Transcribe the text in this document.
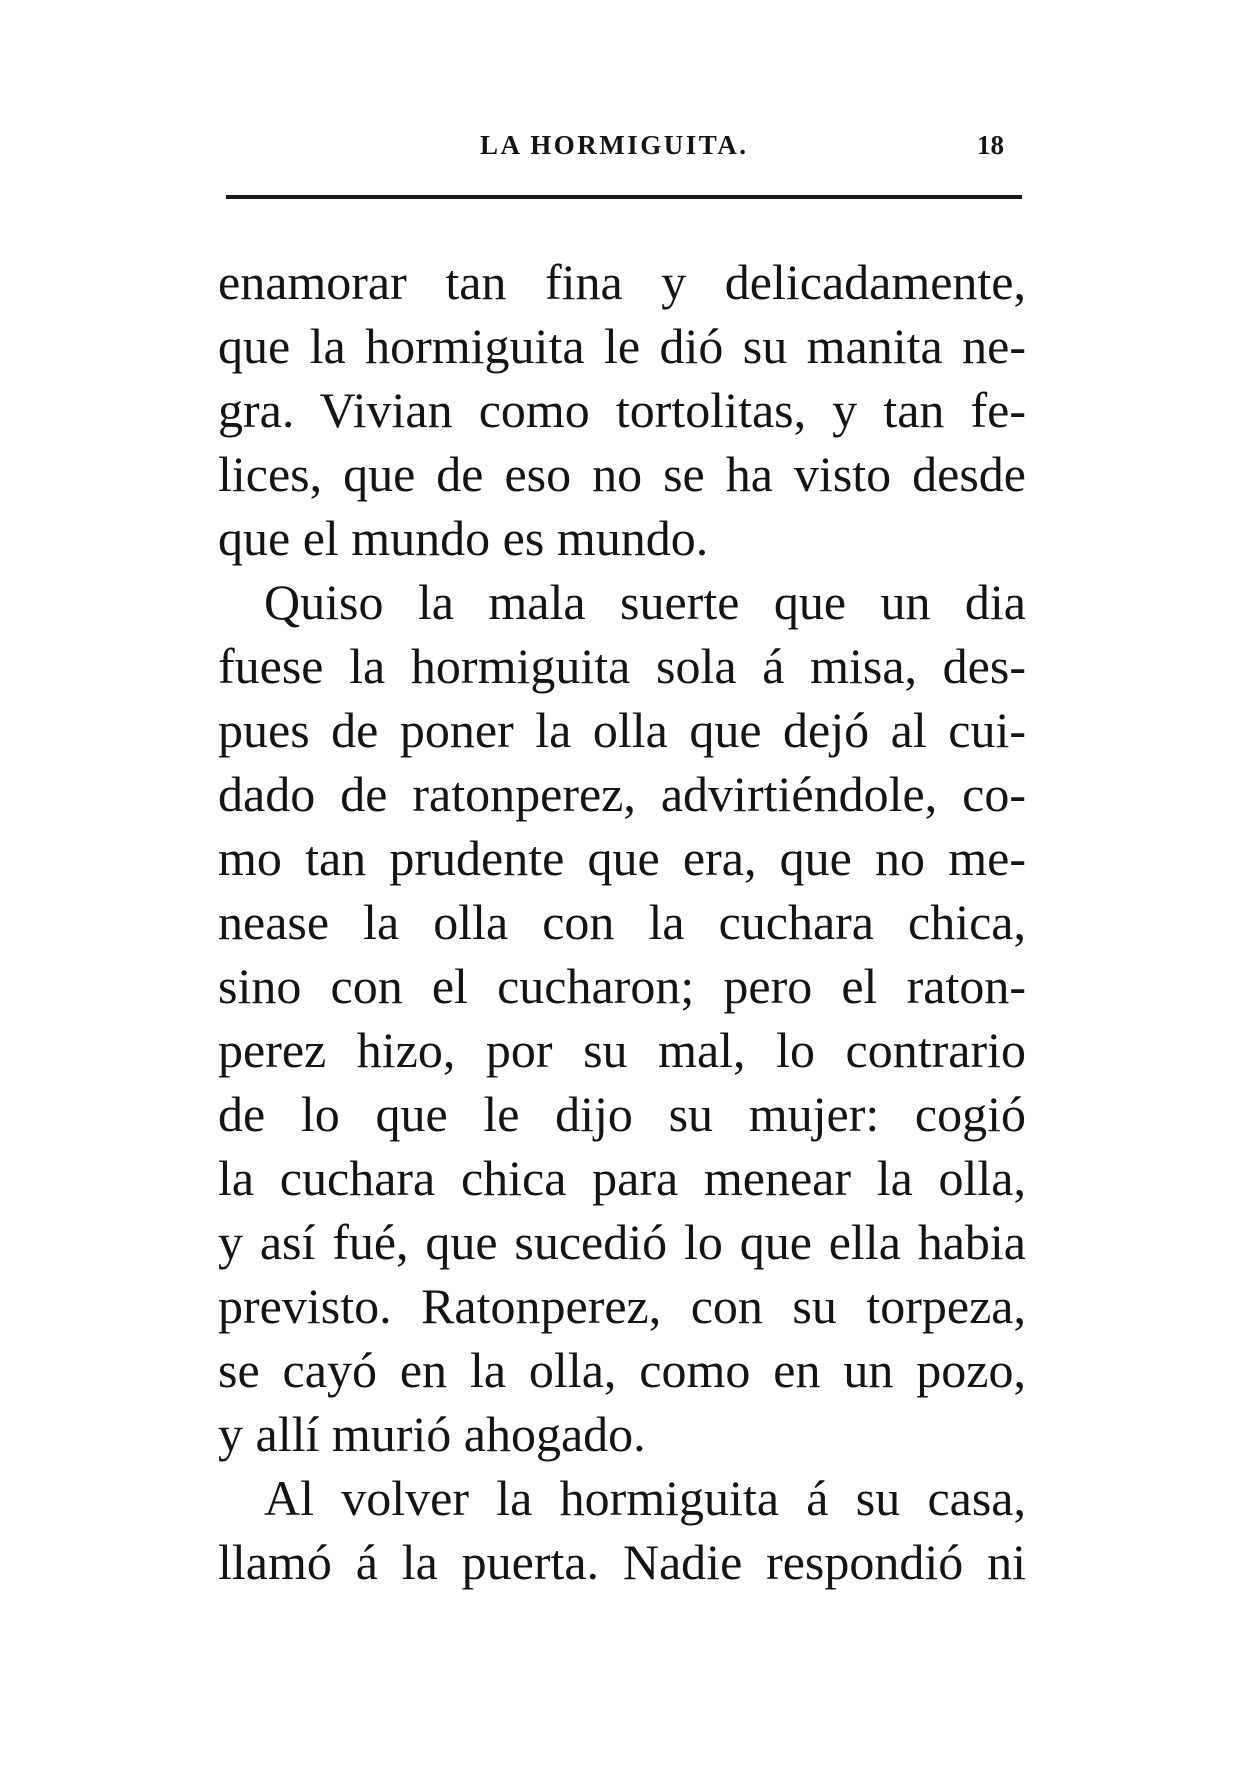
LA HORMIGUITA.	18
enamorar tan fina y delicadamente,
que la hormiguita le dió su manita ne-
gra. Vivian como tortolitas, y tan fe-
lices, que de eso no se ha visto desde
que el mundo es mundo.
Quiso la mala suerte que un dia
fuese la hormiguita sola á misa, des-
pues de poner la olla que dejó al cui-
dado de ratonperez, advirtiéndole, co-
mo tan prudente que era, que no me-
nease la olla con la cuchara chica,
sino con el cucharon; pero el raton-
perez hizo, por su mal, lo contrario
de lo que le dijo su mujer: cogió
la cuchara chica para menear la olla,
y así fué, que sucedió lo que ella habia
previsto. Ratonperez, con su torpeza,
se cayó en la olla, como en un pozo,
y allí murió ahogado.
Al volver la hormiguita á su casa,
llamó á la puerta. Nadie respondió ni
